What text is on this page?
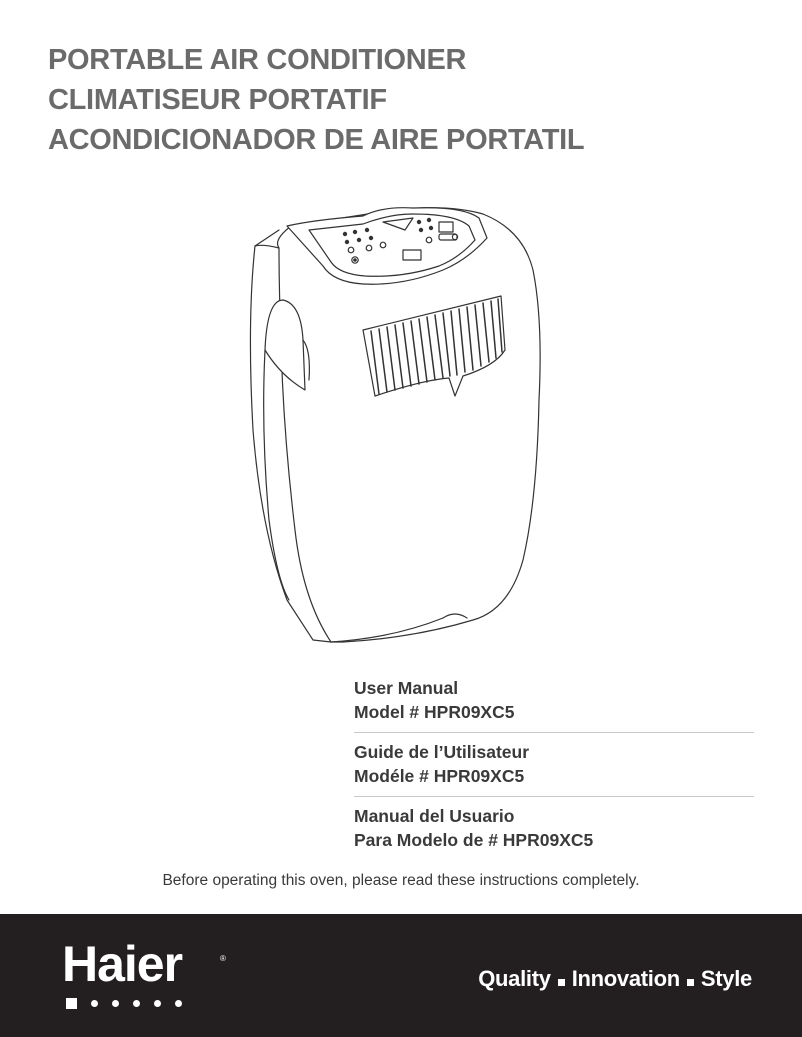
PORTABLE AIR CONDITIONER
CLIMATISEUR PORTATIF
ACONDICIONADOR DE AIRE PORTATIL
User Manual
Model # HPR09XC5
Guide de l’Utilisateur
Modéle # HPR09XC5
Manual del Usuario
Para Modelo de # HPR09XC5
Before operating this oven, please read these instructions completely.
Haier	®
Quality Innovation Style
